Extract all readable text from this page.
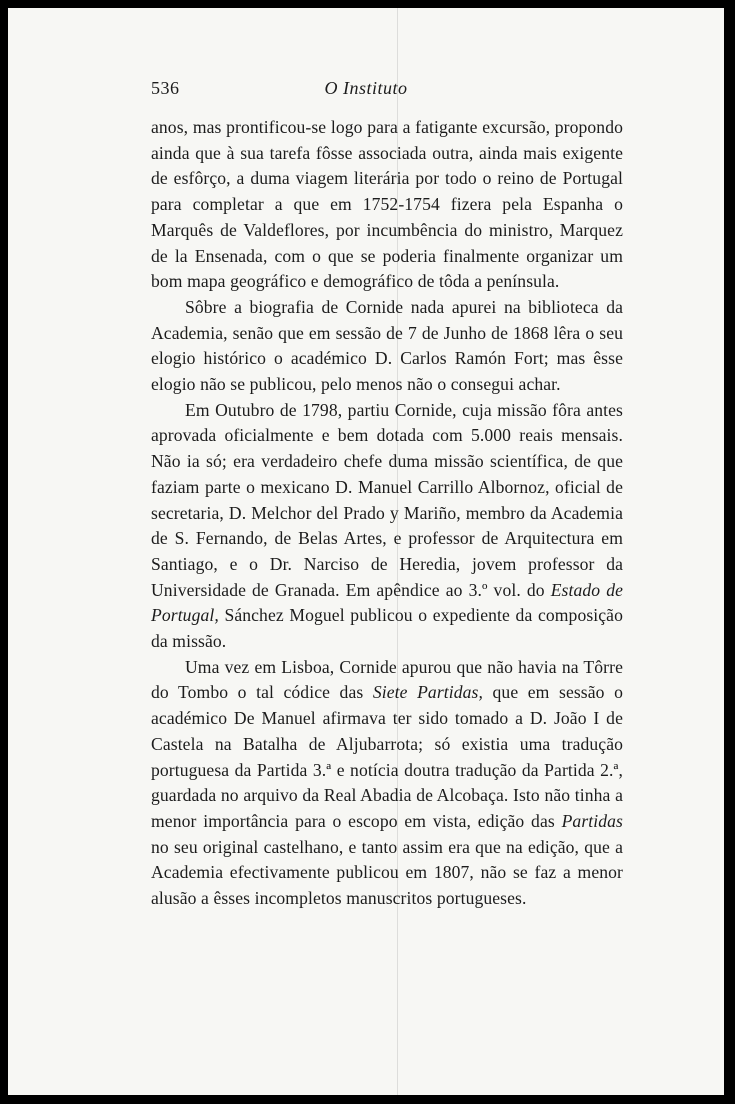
536	O Instituto

anos, mas prontificou-se logo para a fatigante excursão, propondo ainda que à sua tarefa fôsse associada outra, ainda mais exigente de esfôrço, a duma viagem literária por todo o reino de Portugal para completar a que em 1752-1754 fizera pela Espanha o Marquês de Valdeflores, por incumbência do ministro, Marquez de la Ensenada, com o que se poderia finalmente organizar um bom mapa geográfico e demográfico de tôda a península.

Sôbre a biografia de Cornide nada apurei na biblioteca da Academia, senão que em sessão de 7 de Junho de 1868 lêra o seu elogio histórico o académico D. Carlos Ramón Fort; mas êsse elogio não se publicou, pelo menos não o consegui achar.

Em Outubro de 1798, partiu Cornide, cuja missão fôra antes aprovada oficialmente e bem dotada com 5.000 reais mensais. Não ia só; era verdadeiro chefe duma missão scientífica, de que faziam parte o mexicano D. Manuel Carrillo Albornoz, oficial de secretaria, D. Melchor del Prado y Mariño, membro da Academia de S. Fernando, de Belas Artes, e professor de Arquitectura em Santiago, e o Dr. Narciso de Heredia, jovem professor da Universidade de Granada. Em apêndice ao 3.º vol. do Estado de Portugal, Sánchez Moguel publicou o expediente da composição da missão.

Uma vez em Lisboa, Cornide apurou que não havia na Tôrre do Tombo o tal códice das Siete Partidas, que em sessão o académico De Manuel afirmava ter sido tomado a D. João I de Castela na Batalha de Aljubarrota; só existia uma tradução portuguesa da Partida 3.ª e notícia doutra tradução da Partida 2.ª, guardada no arquivo da Real Abadia de Alcobaça. Isto não tinha a menor importância para o escopo em vista, edição das Partidas no seu original castelhano, e tanto assim era que na edição, que a Academia efectivamente publicou em 1807, não se faz a menor alusão a êsses incompletos manuscritos portugueses.
